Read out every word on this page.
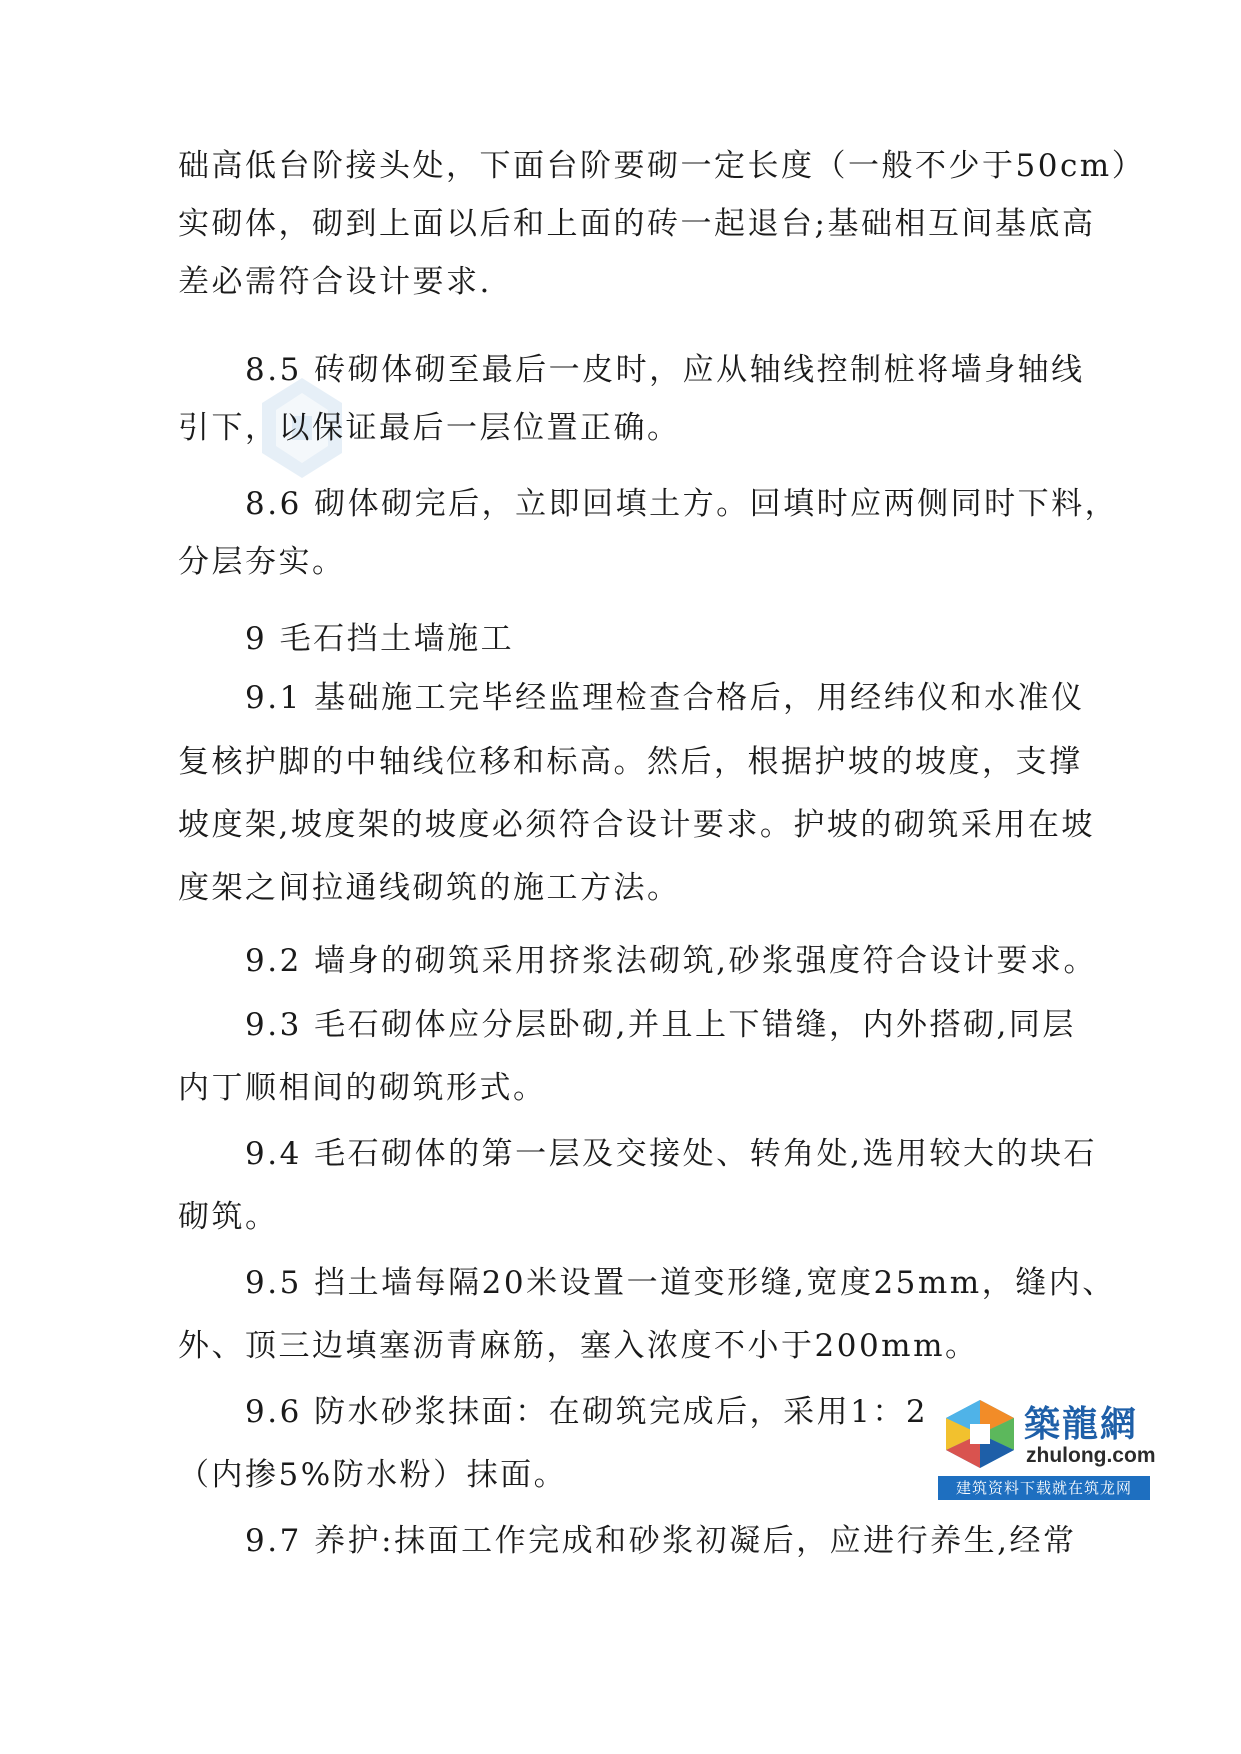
础高低台阶接头处，下面台阶要砌一定长度（一般不少于50cm）
实砌体，砌到上面以后和上面的砖一起退台;基础相互间基底高
差必需符合设计要求.
8.5 砖砌体砌至最后一皮时，应从轴线控制桩将墙身轴线
引下，以保证最后一层位置正确。
8.6 砌体砌完后，立即回填土方。回填时应两侧同时下料，
分层夯实。
9 毛石挡土墙施工
9.1 基础施工完毕经监理检查合格后，用经纬仪和水准仪
复核护脚的中轴线位移和标高。然后，根据护坡的坡度，支撑
坡度架,坡度架的坡度必须符合设计要求。护坡的砌筑采用在坡
度架之间拉通线砌筑的施工方法。
9.2 墙身的砌筑采用挤浆法砌筑,砂浆强度符合设计要求。
9.3 毛石砌体应分层卧砌,并且上下错缝，内外搭砌,同层
内丁顺相间的砌筑形式。
9.4 毛石砌体的第一层及交接处、转角处,选用较大的块石
砌筑。
9.5 挡土墙每隔20米设置一道变形缝,宽度25mm，缝内、
外、顶三边填塞沥青麻筋，塞入浓度不小于200mm。
9.6 防水砂浆抹面：在砌筑完成后，采用1：2
（内掺5%防水粉）抹面。
9.7 养护:抹面工作完成和砂浆初凝后，应进行养生,经常
築龍網
zhulong.com
建筑资料下载就在筑龙网
